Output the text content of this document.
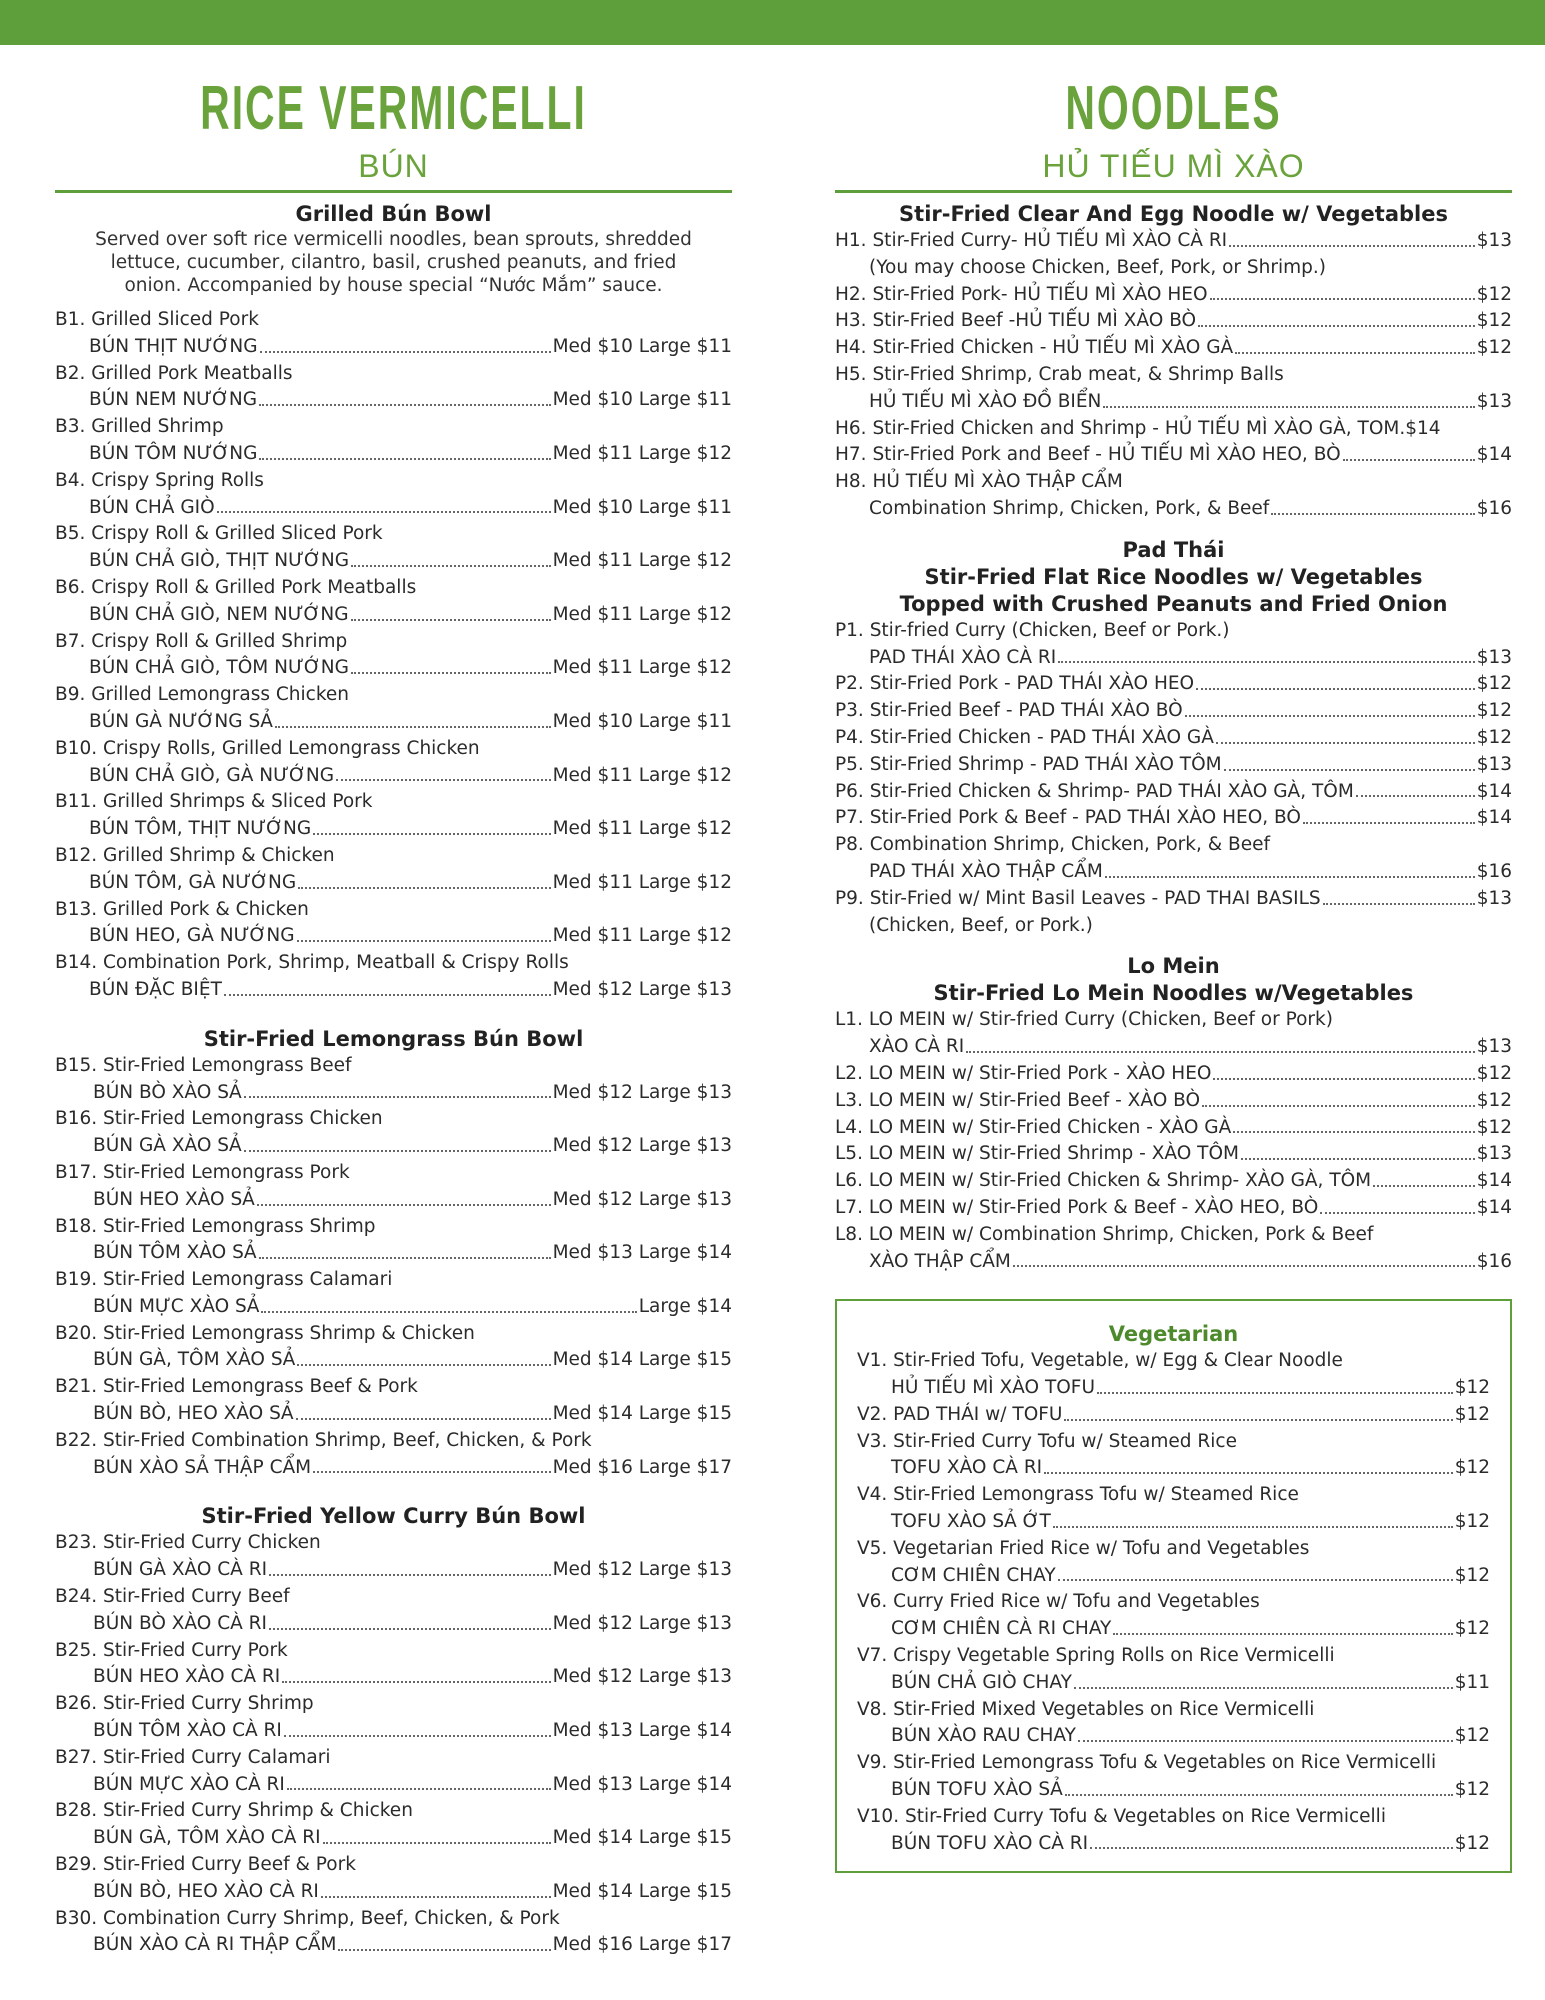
RICE VERMICELLI
BÚN
Grilled Bún Bowl
Served over soft rice vermicelli noodles, bean sprouts, shredded
lettuce, cucumber, cilantro, basil, crushed peanuts, and fried
onion. Accompanied by house special “Nước Mắm” sauce.
B1. Grilled Sliced Pork
BÚN THỊT NƯỚNG	Med $10 Large $11
B2. Grilled Pork Meatballs
BÚN NEM NƯỚNG	Med $10 Large $11
B3. Grilled Shrimp
BÚN TÔM NƯỚNG	Med $11 Large $12
B4. Crispy Spring Rolls
BÚN CHẢ GIÒ	Med $10 Large $11
B5. Crispy Roll & Grilled Sliced Pork
BÚN CHẢ GIÒ, THỊT NƯỚNG	Med $11 Large $12
B6. Crispy Roll & Grilled Pork Meatballs
BÚN CHẢ GIÒ, NEM NƯỚNG	Med $11 Large $12
B7. Crispy Roll & Grilled Shrimp
BÚN CHẢ GIÒ, TÔM NƯỚNG	Med $11 Large $12
B9. Grilled Lemongrass Chicken
BÚN GÀ NƯỚNG SẢ	Med $10 Large $11
B10. Crispy Rolls, Grilled Lemongrass Chicken
BÚN CHẢ GIÒ, GÀ NƯỚNG	Med $11 Large $12
B11. Grilled Shrimps & Sliced Pork
BÚN TÔM, THỊT NƯỚNG	Med $11 Large $12
B12. Grilled Shrimp & Chicken
BÚN TÔM, GÀ NƯỚNG	Med $11 Large $12
B13. Grilled Pork & Chicken
BÚN HEO, GÀ NƯỚNG	Med $11 Large $12
B14. Combination Pork, Shrimp, Meatball & Crispy Rolls
BÚN ĐẶC BIỆT	Med $12 Large $13
Stir-Fried Lemongrass Bún Bowl
B15. Stir-Fried Lemongrass Beef
BÚN BÒ XÀO SẢ	Med $12 Large $13
B16. Stir-Fried Lemongrass Chicken
BÚN GÀ XÀO SẢ	Med $12 Large $13
B17. Stir-Fried Lemongrass Pork
BÚN HEO XÀO SẢ	Med $12 Large $13
B18. Stir-Fried Lemongrass Shrimp
BÚN TÔM XÀO SẢ	Med $13 Large $14
B19. Stir-Fried Lemongrass Calamari
BÚN MỰC XÀO SẢ	Large $14
B20. Stir-Fried Lemongrass Shrimp & Chicken
BÚN GÀ, TÔM XÀO SẢ	Med $14 Large $15
B21. Stir-Fried Lemongrass Beef & Pork
BÚN BÒ, HEO XÀO SẢ	Med $14 Large $15
B22. Stir-Fried Combination Shrimp, Beef, Chicken, & Pork
BÚN XÀO SẢ THẬP CẨM	Med $16 Large $17
Stir-Fried Yellow Curry Bún Bowl
B23. Stir-Fried Curry Chicken
BÚN GÀ XÀO CÀ RI	Med $12 Large $13
B24. Stir-Fried Curry Beef
BÚN BÒ XÀO CÀ RI	Med $12 Large $13
B25. Stir-Fried Curry Pork
BÚN HEO XÀO CÀ RI	Med $12 Large $13
B26. Stir-Fried Curry Shrimp
BÚN TÔM XÀO CÀ RI	Med $13 Large $14
B27. Stir-Fried Curry Calamari
BÚN MỰC XÀO CÀ RI	Med $13 Large $14
B28. Stir-Fried Curry Shrimp & Chicken
BÚN GÀ, TÔM XÀO CÀ RI	Med $14 Large $15
B29. Stir-Fried Curry Beef & Pork
BÚN BÒ, HEO XÀO CÀ RI	Med $14 Large $15
B30. Combination Curry Shrimp, Beef, Chicken, & Pork
BÚN XÀO CÀ RI THẬP CẨM	Med $16 Large $17
NOODLES
HỦ TIẾU MÌ XÀO
Stir-Fried Clear And Egg Noodle w/ Vegetables
H1. Stir-Fried Curry- HỦ TIẾU MÌ XÀO CÀ RI	$13
(You may choose Chicken, Beef, Pork, or Shrimp.)
H2. Stir-Fried Pork- HỦ TIẾU MÌ XÀO HEO	$12
H3. Stir-Fried Beef -HỦ TIẾU MÌ XÀO BÒ	$12
H4. Stir-Fried Chicken - HỦ TIẾU MÌ XÀO GÀ	$12
H5. Stir-Fried Shrimp, Crab meat, & Shrimp Balls
HỦ TIẾU MÌ XÀO ĐỒ BIỂN	$13
H6. Stir-Fried Chicken and Shrimp - HỦ TIẾU MÌ XÀO GÀ, TOM. $14
H7. Stir-Fried Pork and Beef - HỦ TIẾU MÌ XÀO HEO, BÒ	$14
H8. HỦ TIẾU MÌ XÀO THẬP CẨM
Combination Shrimp, Chicken, Pork, & Beef	$16
Pad Thái
Stir-Fried Flat Rice Noodles w/ Vegetables
Topped with Crushed Peanuts and Fried Onion
P1. Stir-fried Curry (Chicken, Beef or Pork.)
PAD THÁI XÀO CÀ RI	$13
P2. Stir-Fried Pork - PAD THÁI XÀO HEO	$12
P3. Stir-Fried Beef - PAD THÁI XÀO BÒ	$12
P4. Stir-Fried Chicken - PAD THÁI XÀO GÀ	$12
P5. Stir-Fried Shrimp - PAD THÁI XÀO TÔM	$13
P6. Stir-Fried Chicken & Shrimp- PAD THÁI XÀO GÀ, TÔM	$14
P7. Stir-Fried Pork & Beef - PAD THÁI XÀO HEO, BÒ	$14
P8. Combination Shrimp, Chicken, Pork, & Beef
PAD THÁI XÀO THẬP CẨM	$16
P9. Stir-Fried w/ Mint Basil Leaves - PAD THAI BASILS	$13
(Chicken, Beef, or Pork.)
Lo Mein
Stir-Fried Lo Mein Noodles w/Vegetables
L1. LO MEIN w/ Stir-fried Curry (Chicken, Beef or Pork)
XÀO CÀ RI	$13
L2. LO MEIN w/ Stir-Fried Pork - XÀO HEO	$12
L3. LO MEIN w/ Stir-Fried Beef - XÀO BÒ	$12
L4. LO MEIN w/ Stir-Fried Chicken - XÀO GÀ	$12
L5. LO MEIN w/ Stir-Fried Shrimp - XÀO TÔM	$13
L6. LO MEIN w/ Stir-Fried Chicken & Shrimp- XÀO GÀ, TÔM	$14
L7. LO MEIN w/ Stir-Fried Pork & Beef - XÀO HEO, BÒ	$14
L8. LO MEIN w/ Combination Shrimp, Chicken, Pork & Beef
XÀO THẬP CẨM	$16
Vegetarian
V1. Stir-Fried Tofu, Vegetable, w/ Egg & Clear Noodle
HỦ TIẾU MÌ XÀO TOFU	$12
V2. PAD THÁI w/ TOFU	$12
V3. Stir-Fried Curry Tofu w/ Steamed Rice
TOFU XÀO CÀ RI	$12
V4. Stir-Fried Lemongrass Tofu w/ Steamed Rice
TOFU XÀO SẢ ỚT	$12
V5. Vegetarian Fried Rice w/ Tofu and Vegetables
CƠM CHIÊN CHAY	$12
V6. Curry Fried Rice w/ Tofu and Vegetables
CƠM CHIÊN CÀ RI CHAY	$12
V7. Crispy Vegetable Spring Rolls on Rice Vermicelli
BÚN CHẢ GIÒ CHAY	$11
V8. Stir-Fried Mixed Vegetables on Rice Vermicelli
BÚN XÀO RAU CHAY	$12
V9. Stir-Fried Lemongrass Tofu & Vegetables on Rice Vermicelli
BÚN TOFU XÀO SẢ	$12
V10. Stir-Fried Curry Tofu & Vegetables on Rice Vermicelli
BÚN TOFU XÀO CÀ RI	$12
